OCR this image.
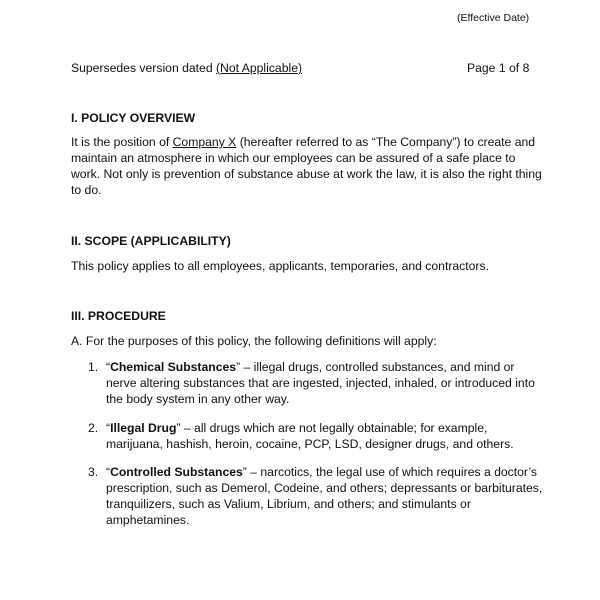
(Effective Date)
Supersedes version dated (Not Applicable)	Page 1 of 8
I. POLICY OVERVIEW
It is the position of Company X (hereafter referred to as “The Company”) to create and
maintain an atmosphere in which our employees can be assured of a safe place to
work. Not only is prevention of substance abuse at work the law, it is also the right thing
to do.
II. SCOPE (APPLICABILITY)
This policy applies to all employees, applicants, temporaries, and contractors.
III. PROCEDURE
A. For the purposes of this policy, the following definitions will apply:
1. “Chemical Substances” – illegal drugs, controlled substances, and mind or
nerve altering substances that are ingested, injected, inhaled, or introduced into
the body system in any other way.
2. “Illegal Drug” – all drugs which are not legally obtainable; for example,
marijuana, hashish, heroin, cocaine, PCP, LSD, designer drugs, and others.
3. “Controlled Substances” – narcotics, the legal use of which requires a doctor’s
prescription, such as Demerol, Codeine, and others; depressants or barbiturates,
tranquilizers, such as Valium, Librium, and others; and stimulants or
amphetamines.
